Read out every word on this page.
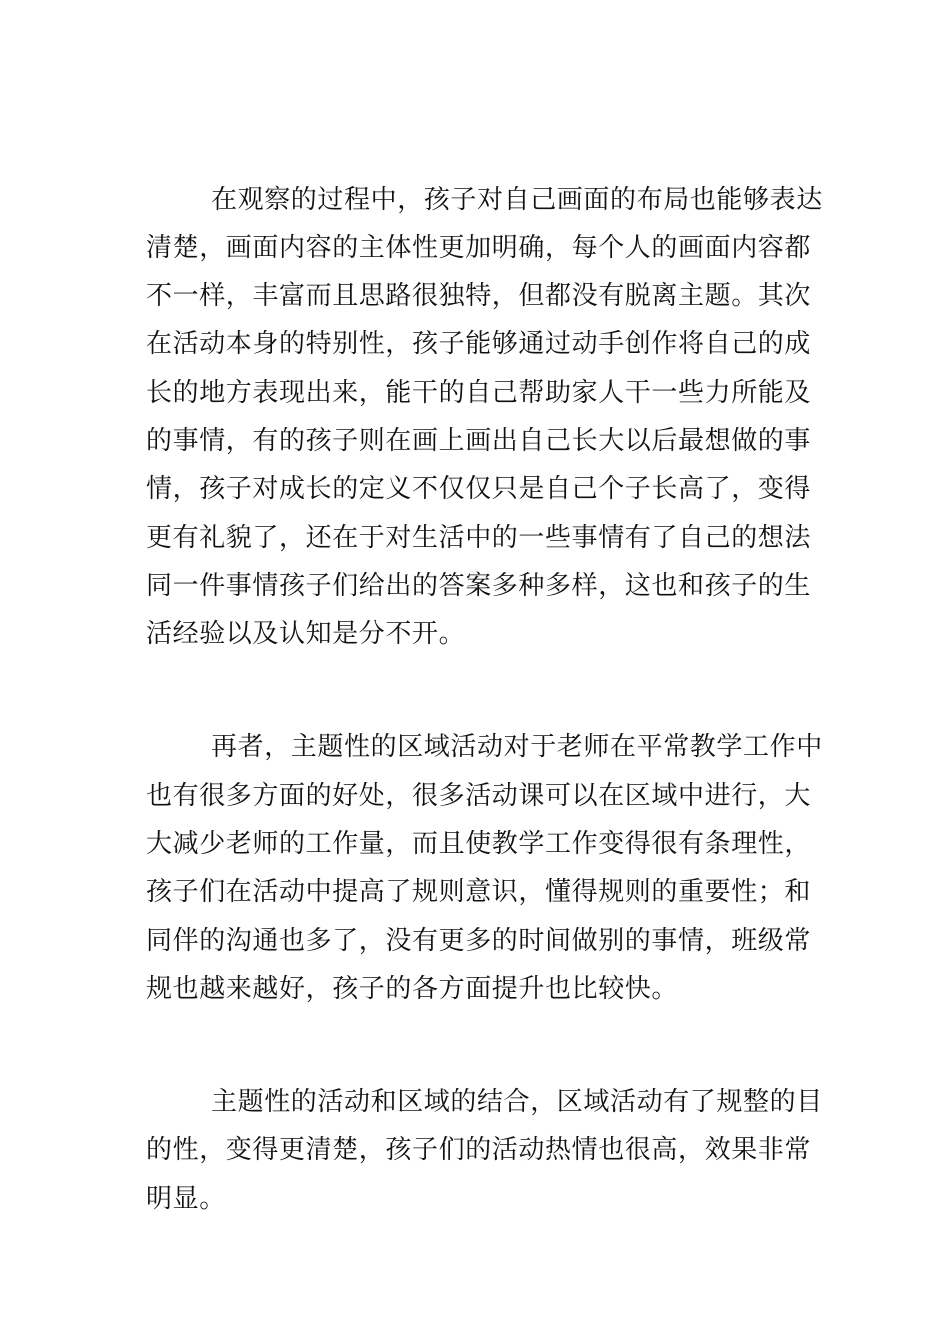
在观察的过程中，孩子对自己画面的布局也能够表达
清楚，画面内容的主体性更加明确，每个人的画面内容都
不一样，丰富而且思路很独特，但都没有脱离主题。其次
在活动本身的特别性，孩子能够通过动手创作将自己的成
长的地方表现出来，能干的自己帮助家人干一些力所能及
的事情，有的孩子则在画上画出自己长大以后最想做的事
情，孩子对成长的定义不仅仅只是自己个子长高了，变得
更有礼貌了，还在于对生活中的一些事情有了自己的想法
同一件事情孩子们给出的答案多种多样，这也和孩子的生
活经验以及认知是分不开。
再者，主题性的区域活动对于老师在平常教学工作中
也有很多方面的好处，很多活动课可以在区域中进行，大
大减少老师的工作量，而且使教学工作变得很有条理性，
孩子们在活动中提高了规则意识，懂得规则的重要性；和
同伴的沟通也多了，没有更多的时间做别的事情，班级常
规也越来越好，孩子的各方面提升也比较快。
主题性的活动和区域的结合，区域活动有了规整的目
的性，变得更清楚，孩子们的活动热情也很高，效果非常
明显。
